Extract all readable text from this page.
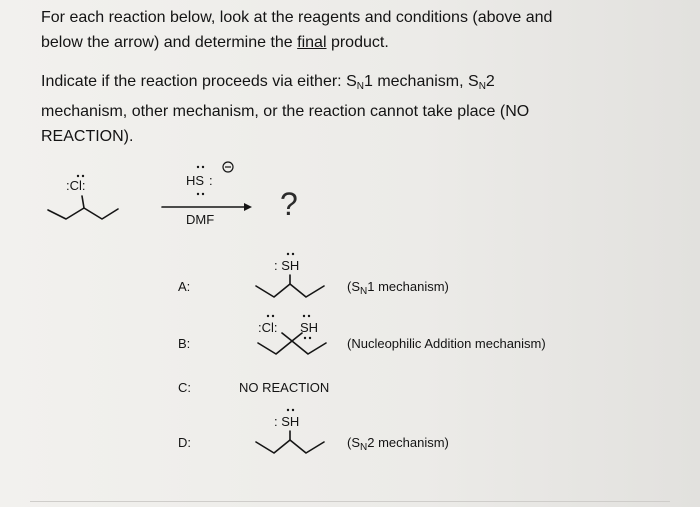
For each reaction below, look at the reagents and conditions (above and
below the arrow) and determine the final product.
Indicate if the reaction proceeds via either: $S_N1$ mechanism, $S_N2$
mechanism, other mechanism, or the reaction cannot take place (NO
REACTION).
:Cl:	HS :
DMF ?
A:
: SH
($S_N1$ mechanism)
B:
:Cl: SH
(Nucleophilic Addition mechanism)
C:	NO REACTION
D:
: SH
($S_N2$ mechanism)
